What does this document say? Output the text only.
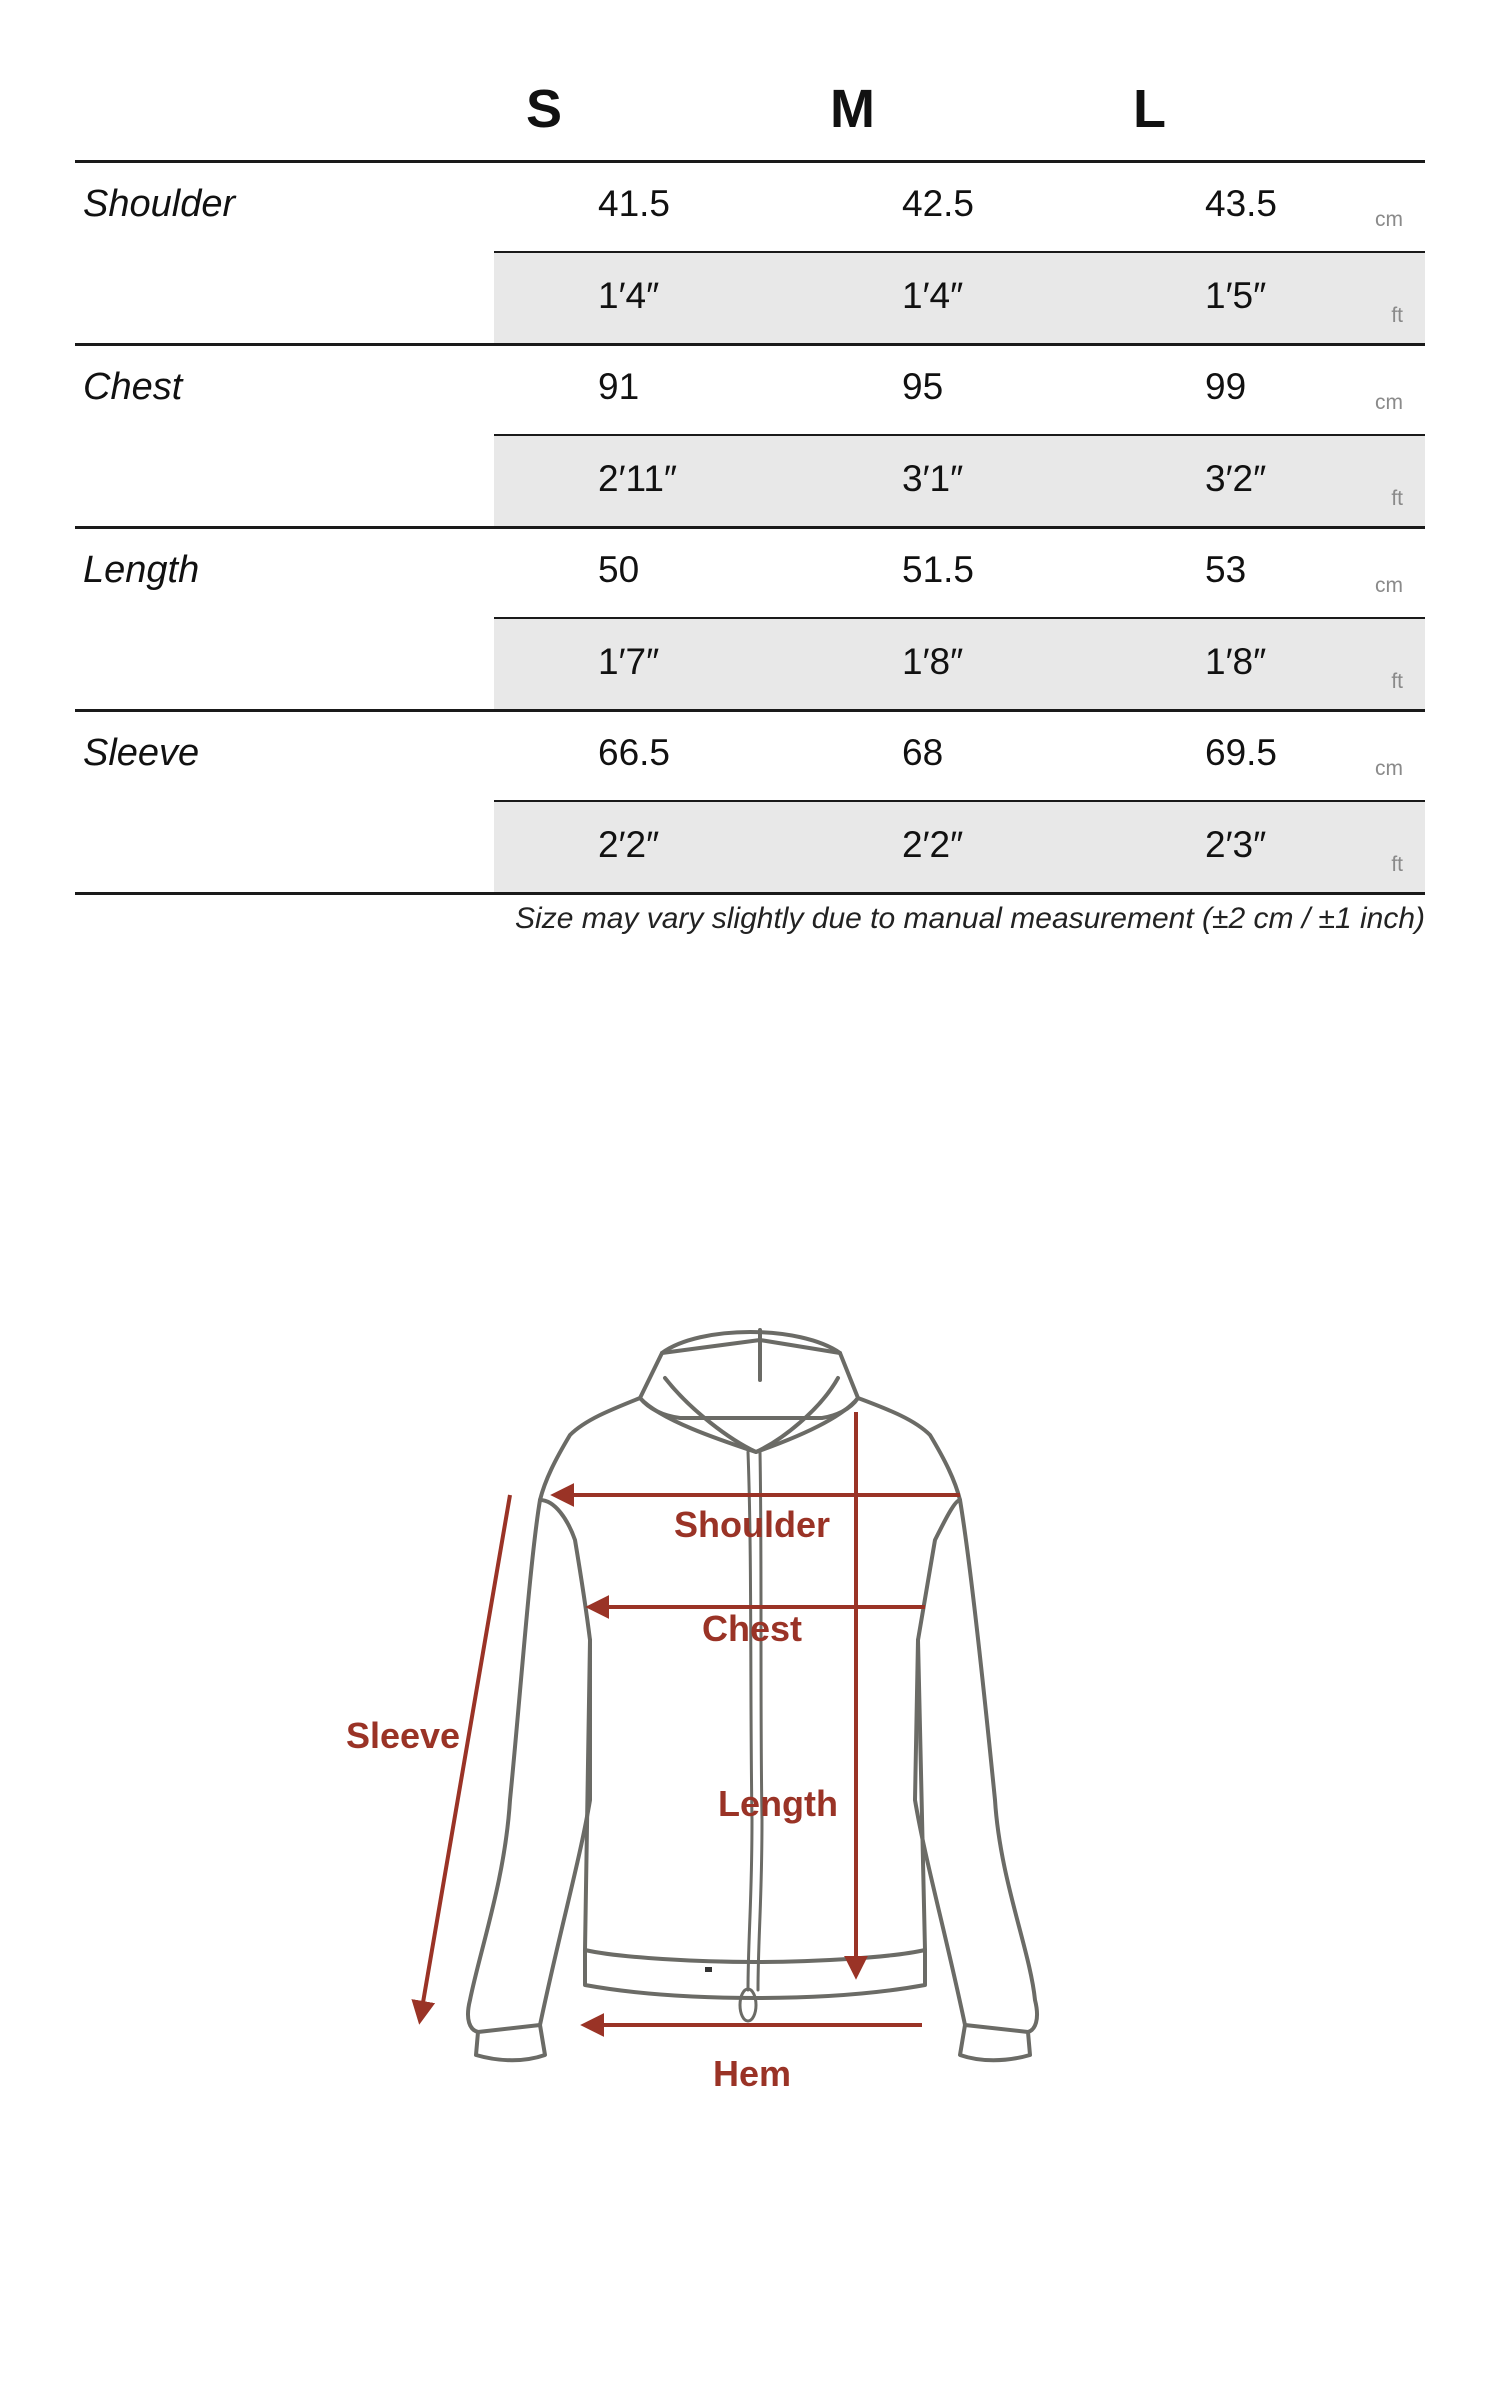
S	M	L
Shoulder	41.5	42.5	43.5	cm
1′4″	1′4″	1′5″	ft
Chest	91	95	99	cm
2′11″	3′1″	3′2″	ft
Length	50	51.5	53	cm
1′7″	1′8″	1′8″	ft
Sleeve	66.5	68	69.5	cm
2′2″	2′2″	2′3″	ft
Size may vary slightly due to manual measurement (±2 cm / ±1 inch)
Shoulder
Chest
Sleeve
Length
Hem
